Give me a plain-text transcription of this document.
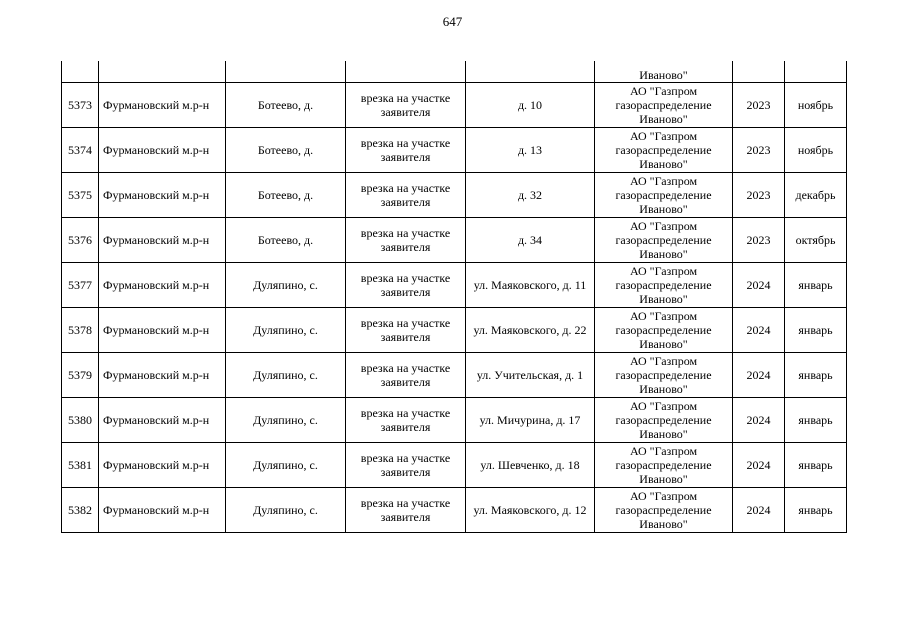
647
					Иваново"		
5373	Фурмановский м.р-н	Ботеево, д.	врезка на участке заявителя	д. 10	АО "Газпром
газораспределение
Иваново"	2023	ноябрь
5374	Фурмановский м.р-н	Ботеево, д.	врезка на участке заявителя	д. 13	АО "Газпром
газораспределение
Иваново"	2023	ноябрь
5375	Фурмановский м.р-н	Ботеево, д.	врезка на участке заявителя	д. 32	АО "Газпром
газораспределение
Иваново"	2023	декабрь
5376	Фурмановский м.р-н	Ботеево, д.	врезка на участке заявителя	д. 34	АО "Газпром
газораспределение
Иваново"	2023	октябрь
5377	Фурмановский м.р-н	Дуляпино, с.	врезка на участке заявителя	ул. Маяковского, д. 11	АО "Газпром
газораспределение
Иваново"	2024	январь
5378	Фурмановский м.р-н	Дуляпино, с.	врезка на участке заявителя	ул. Маяковского, д. 22	АО "Газпром
газораспределение
Иваново"	2024	январь
5379	Фурмановский м.р-н	Дуляпино, с.	врезка на участке заявителя	ул. Учительская, д. 1	АО "Газпром
газораспределение
Иваново"	2024	январь
5380	Фурмановский м.р-н	Дуляпино, с.	врезка на участке заявителя	ул. Мичурина, д. 17	АО "Газпром
газораспределение
Иваново"	2024	январь
5381	Фурмановский м.р-н	Дуляпино, с.	врезка на участке заявителя	ул. Шевченко, д. 18	АО "Газпром
газораспределение
Иваново"	2024	январь
5382	Фурмановский м.р-н	Дуляпино, с.	врезка на участке заявителя	ул. Маяковского, д. 12	АО "Газпром
газораспределение
Иваново"	2024	январь
